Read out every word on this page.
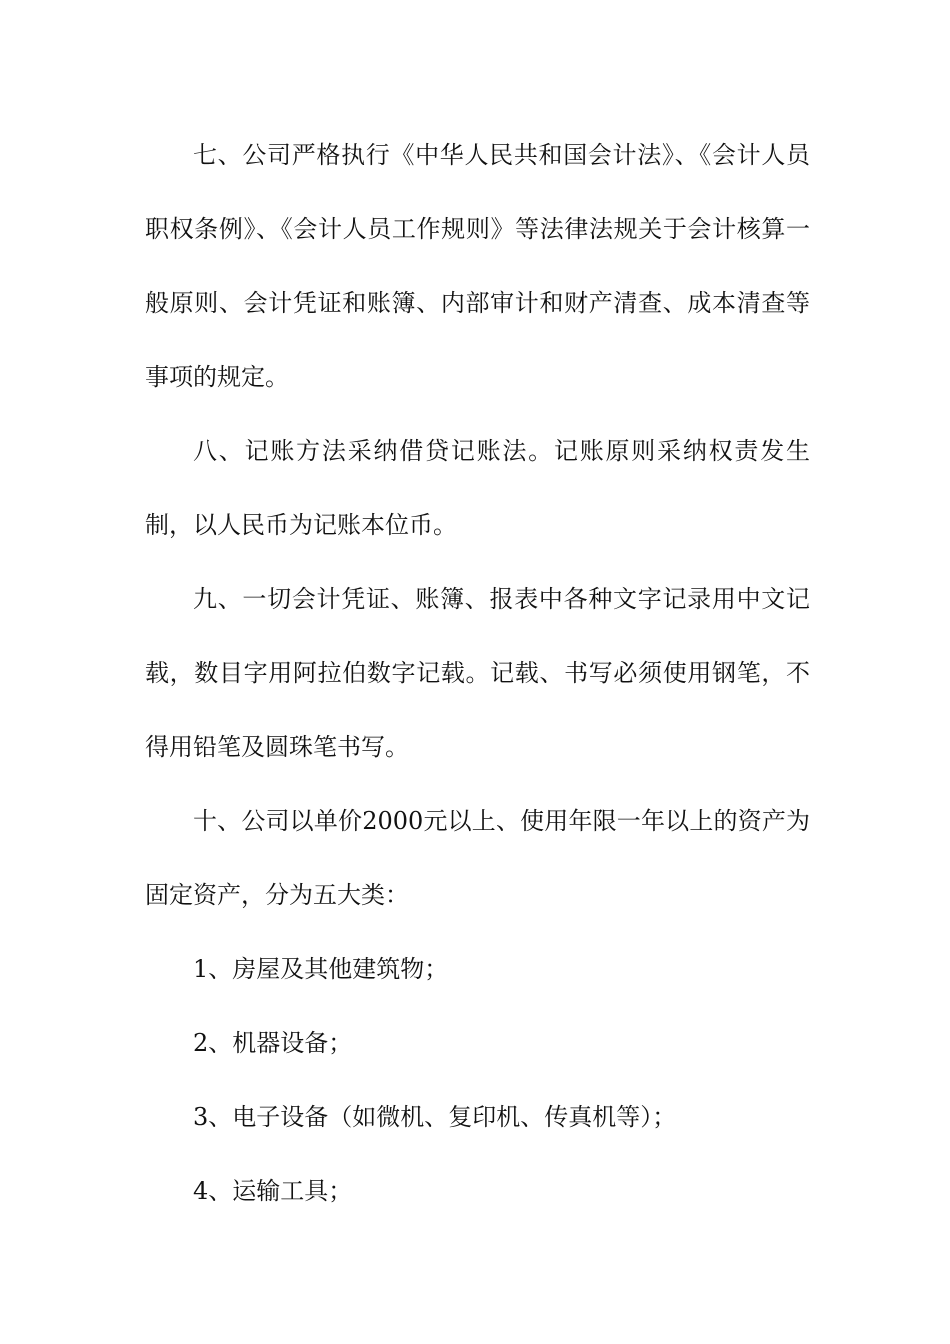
七、公司严格执行《中华人民共和国会计法》、《会计人员职权条例》、《会计人员工作规则》等法律法规关于会计核算一般原则、会计凭证和账簿、内部审计和财产清查、成本清查等事项的规定。

八、记账方法采纳借贷记账法。记账原则采纳权责发生制，以人民币为记账本位币。

九、一切会计凭证、账簿、报表中各种文字记录用中文记载，数目字用阿拉伯数字记载。记载、书写必须使用钢笔，不得用铅笔及圆珠笔书写。

十、公司以单价2000元以上、使用年限一年以上的资产为固定资产，分为五大类：

1、房屋及其他建筑物；

2、机器设备；

3、电子设备（如微机、复印机、传真机等）；

4、运输工具；
